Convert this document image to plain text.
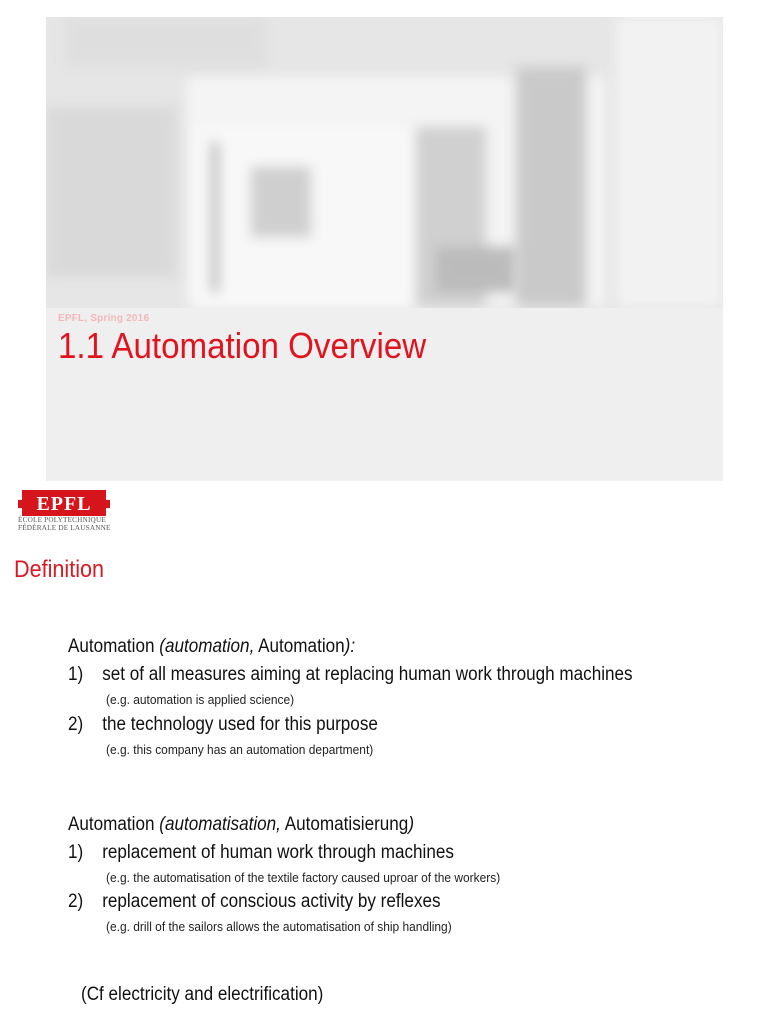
EPFL, Spring 2016
1.1 Automation Overview
EPFL
ÉCOLE POLYTECHNIQUE
FÉDÉRALE DE LAUSANNE
Definition
Automation (automation, Automation):
1) set of all measures aiming at replacing human work through machines
(e.g. automation is applied science)
2) the technology used for this purpose
(e.g. this company has an automation department)
Automation (automatisation, Automatisierung)
1) replacement of human work through machines
(e.g. the automatisation of the textile factory caused uproar of the workers)
2) replacement of conscious activity by reflexes
(e.g. drill of the sailors allows the automatisation of ship handling)
(Cf electricity and electrification)
